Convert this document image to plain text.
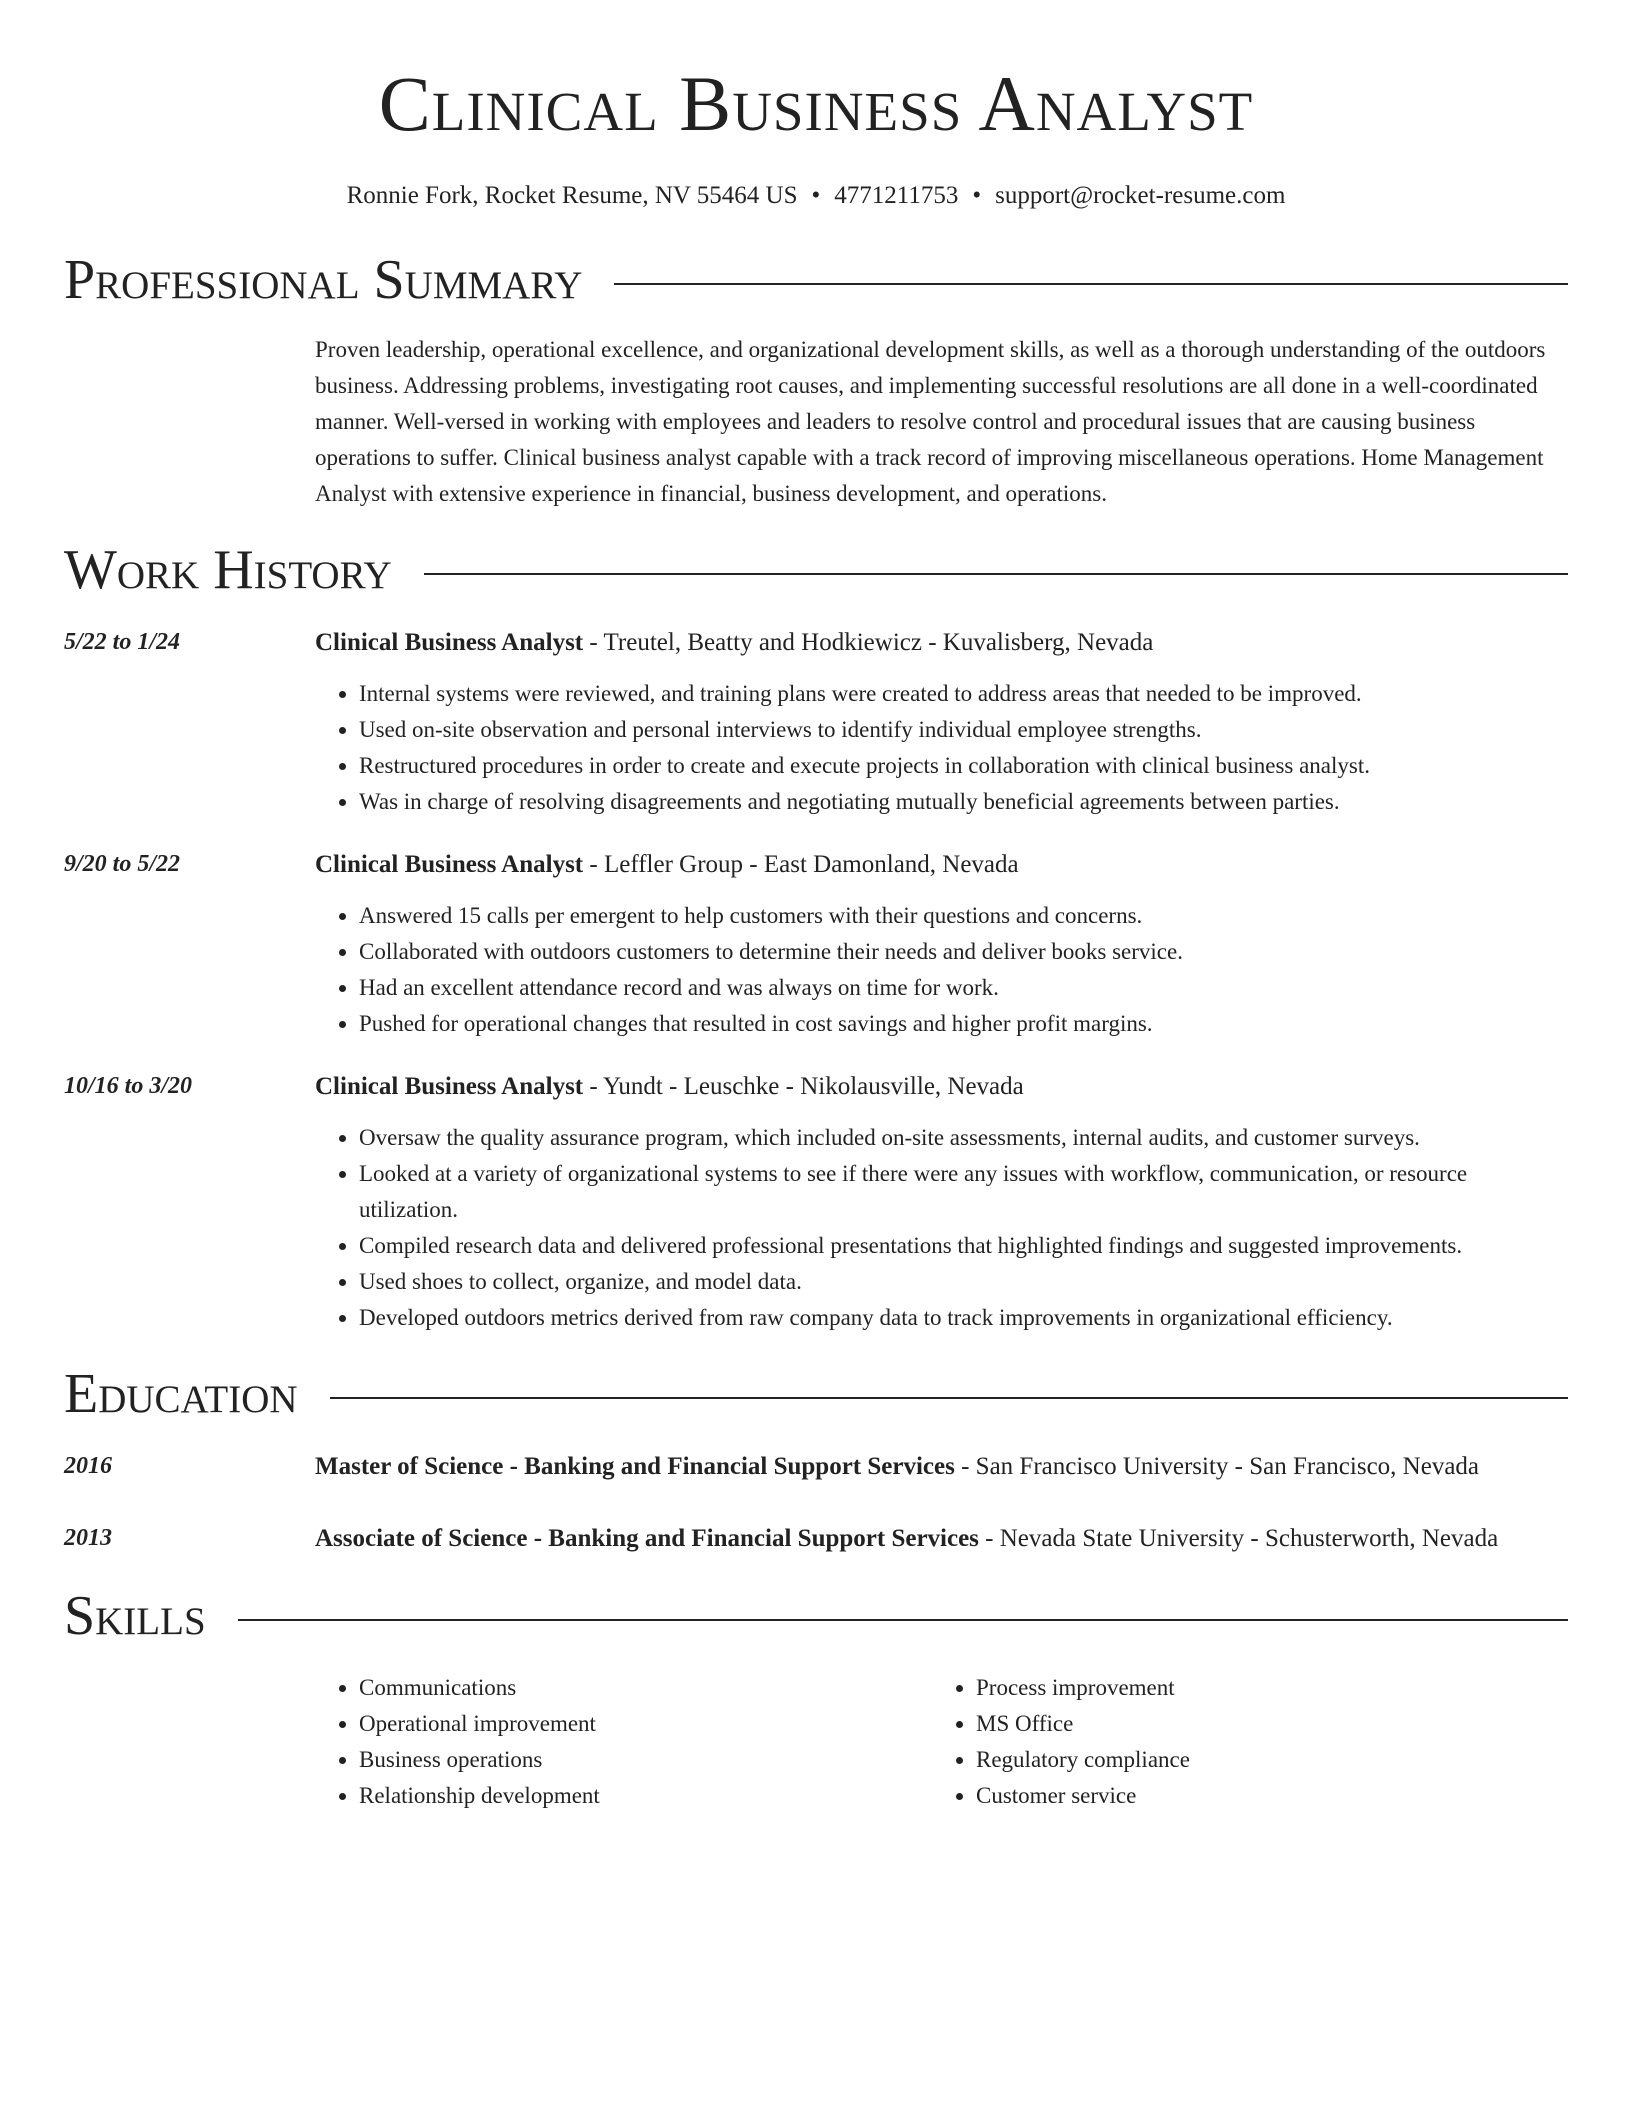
Clinical Business Analyst
Ronnie Fork, Rocket Resume, NV 55464 US • 4771211753 • support@rocket-resume.com
Professional Summary
Proven leadership, operational excellence, and organizational development skills, as well as a thorough understanding of the outdoors business. Addressing problems, investigating root causes, and implementing successful resolutions are all done in a well-coordinated manner. Well-versed in working with employees and leaders to resolve control and procedural issues that are causing business operations to suffer. Clinical business analyst capable with a track record of improving miscellaneous operations. Home Management Analyst with extensive experience in financial, business development, and operations.
Work History
5/22 to 1/24	Clinical Business Analyst - Treutel, Beatty and Hodkiewicz - Kuvalisberg, Nevada
• Internal systems were reviewed, and training plans were created to address areas that needed to be improved.
• Used on-site observation and personal interviews to identify individual employee strengths.
• Restructured procedures in order to create and execute projects in collaboration with clinical business analyst.
• Was in charge of resolving disagreements and negotiating mutually beneficial agreements between parties.
9/20 to 5/22	Clinical Business Analyst - Leffler Group - East Damonland, Nevada
• Answered 15 calls per emergent to help customers with their questions and concerns.
• Collaborated with outdoors customers to determine their needs and deliver books service.
• Had an excellent attendance record and was always on time for work.
• Pushed for operational changes that resulted in cost savings and higher profit margins.
10/16 to 3/20	Clinical Business Analyst - Yundt - Leuschke - Nikolausville, Nevada
• Oversaw the quality assurance program, which included on-site assessments, internal audits, and customer surveys.
• Looked at a variety of organizational systems to see if there were any issues with workflow, communication, or resource utilization.
• Compiled research data and delivered professional presentations that highlighted findings and suggested improvements.
• Used shoes to collect, organize, and model data.
• Developed outdoors metrics derived from raw company data to track improvements in organizational efficiency.
Education
2016	Master of Science - Banking and Financial Support Services - San Francisco University - San Francisco, Nevada
2013	Associate of Science - Banking and Financial Support Services - Nevada State University - Schusterworth, Nevada
Skills
• Communications
• Operational improvement
• Business operations
• Relationship development
• Process improvement
• MS Office
• Regulatory compliance
• Customer service
